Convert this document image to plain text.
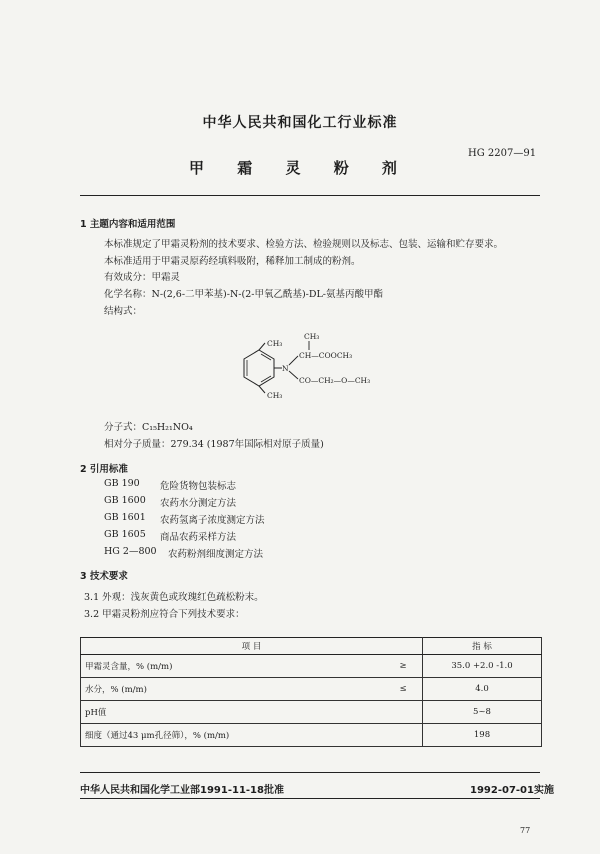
中华人民共和国化工行业标准
HG 2207—91
甲 霜 灵 粉 剂
1 主题内容和适用范围
本标准规定了甲霜灵粉剂的技术要求、检验方法、检验规则以及标志、包装、运输和贮存要求。
本标准适用于甲霜灵原药经填料吸附，稀释加工制成的粉剂。
有效成分：甲霜灵
化学名称：N-(2,6-二甲苯基)-N-(2-甲氧乙酰基)-DL-氨基丙酸甲酯
结构式：
CH₃
CH₃
N
CH₃
CH—COOCH₃
CO—CH₂—O—CH₃
分子式：C₁₅H₂₁NO₄
相对分子质量：279.34 (1987年国际相对原子质量)
2 引用标准
GB 190 危险货物包装标志
GB 1600 农药水分测定方法
GB 1601 农药氢离子浓度测定方法
GB 1605 商品农药采样方法
HG 2—800 农药粉剂细度测定方法
3 技术要求
3.1 外观：浅灰黄色或玫瑰红色疏松粉末。
3.2 甲霜灵粉剂应符合下列技术要求：
项 目		指 标
甲霜灵含量，% (m/m)	≥	35.0 +2.0 -1.0
水分，% (m/m)	≤	4.0
pH值		5~8
细度（通过43 μm孔径筛），% (m/m)		198
中华人民共和国化学工业部1991-11-18批准	1992-07-01实施
77
